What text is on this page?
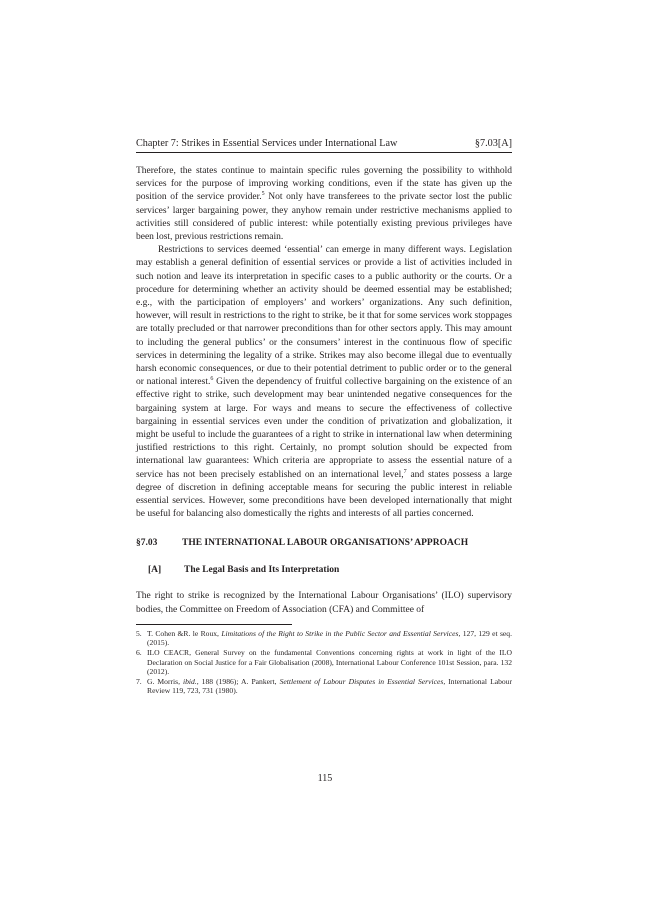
Chapter 7: Strikes in Essential Services under International Law	§7.03[A]

Therefore, the states continue to maintain specific rules governing the possibility to withhold services for the purpose of improving working conditions, even if the state has given up the position of the service provider.$^5$ Not only have transferees to the private sector lost the public services’ larger bargaining power, they anyhow remain under restrictive mechanisms applied to activities still considered of public interest: while potentially existing previous privileges have been lost, previous restrictions remain.

Restrictions to services deemed ‘essential’ can emerge in many different ways. Legislation may establish a general definition of essential services or provide a list of activities included in such notion and leave its interpretation in specific cases to a public authority or the courts. Or a procedure for determining whether an activity should be deemed essential may be established; e.g., with the participation of employers’ and workers’ organizations. Any such definition, however, will result in restrictions to the right to strike, be it that for some services work stoppages are totally precluded or that narrower preconditions than for other sectors apply. This may amount to including the general publics’ or the consumers’ interest in the continuous flow of specific services in determining the legality of a strike. Strikes may also become illegal due to eventually harsh economic consequences, or due to their potential detriment to public order or to the general or national interest.$^6$ Given the dependency of fruitful collective bargaining on the existence of an effective right to strike, such development may bear unintended negative consequences for the bargaining system at large. For ways and means to secure the effectiveness of collective bargaining in essential services even under the condition of privatization and globalization, it might be useful to include the guarantees of a right to strike in international law when determining justified restrictions to this right. Certainly, no prompt solution should be expected from international law guarantees: Which criteria are appropriate to assess the essential nature of a service has not been precisely established on an international level,$^7$ and states possess a large degree of discretion in defining acceptable means for securing the public interest in reliable essential services. However, some preconditions have been developed internationally that might be useful for balancing also domestically the rights and interests of all parties concerned.

§7.03	THE INTERNATIONAL LABOUR ORGANISATIONS’ APPROACH
[A]	The Legal Basis and Its Interpretation

The right to strike is recognized by the International Labour Organisations’ (ILO) supervisory bodies, the Committee on Freedom of Association (CFA) and Committee of

5. T. Cohen &R. le Roux, Limitations of the Right to Strike in the Public Sector and Essential Services, 127, 129 et seq. (2015).
6. ILO CEACR, General Survey on the fundamental Conventions concerning rights at work in light of the ILO Declaration on Social Justice for a Fair Globalisation (2008), International Labour Conference 101st Session, para. 132 (2012).
7. G. Morris, ibid., 188 (1986); A. Pankert, Settlement of Labour Disputes in Essential Services, International Labour Review 119, 723, 731 (1980).
115
